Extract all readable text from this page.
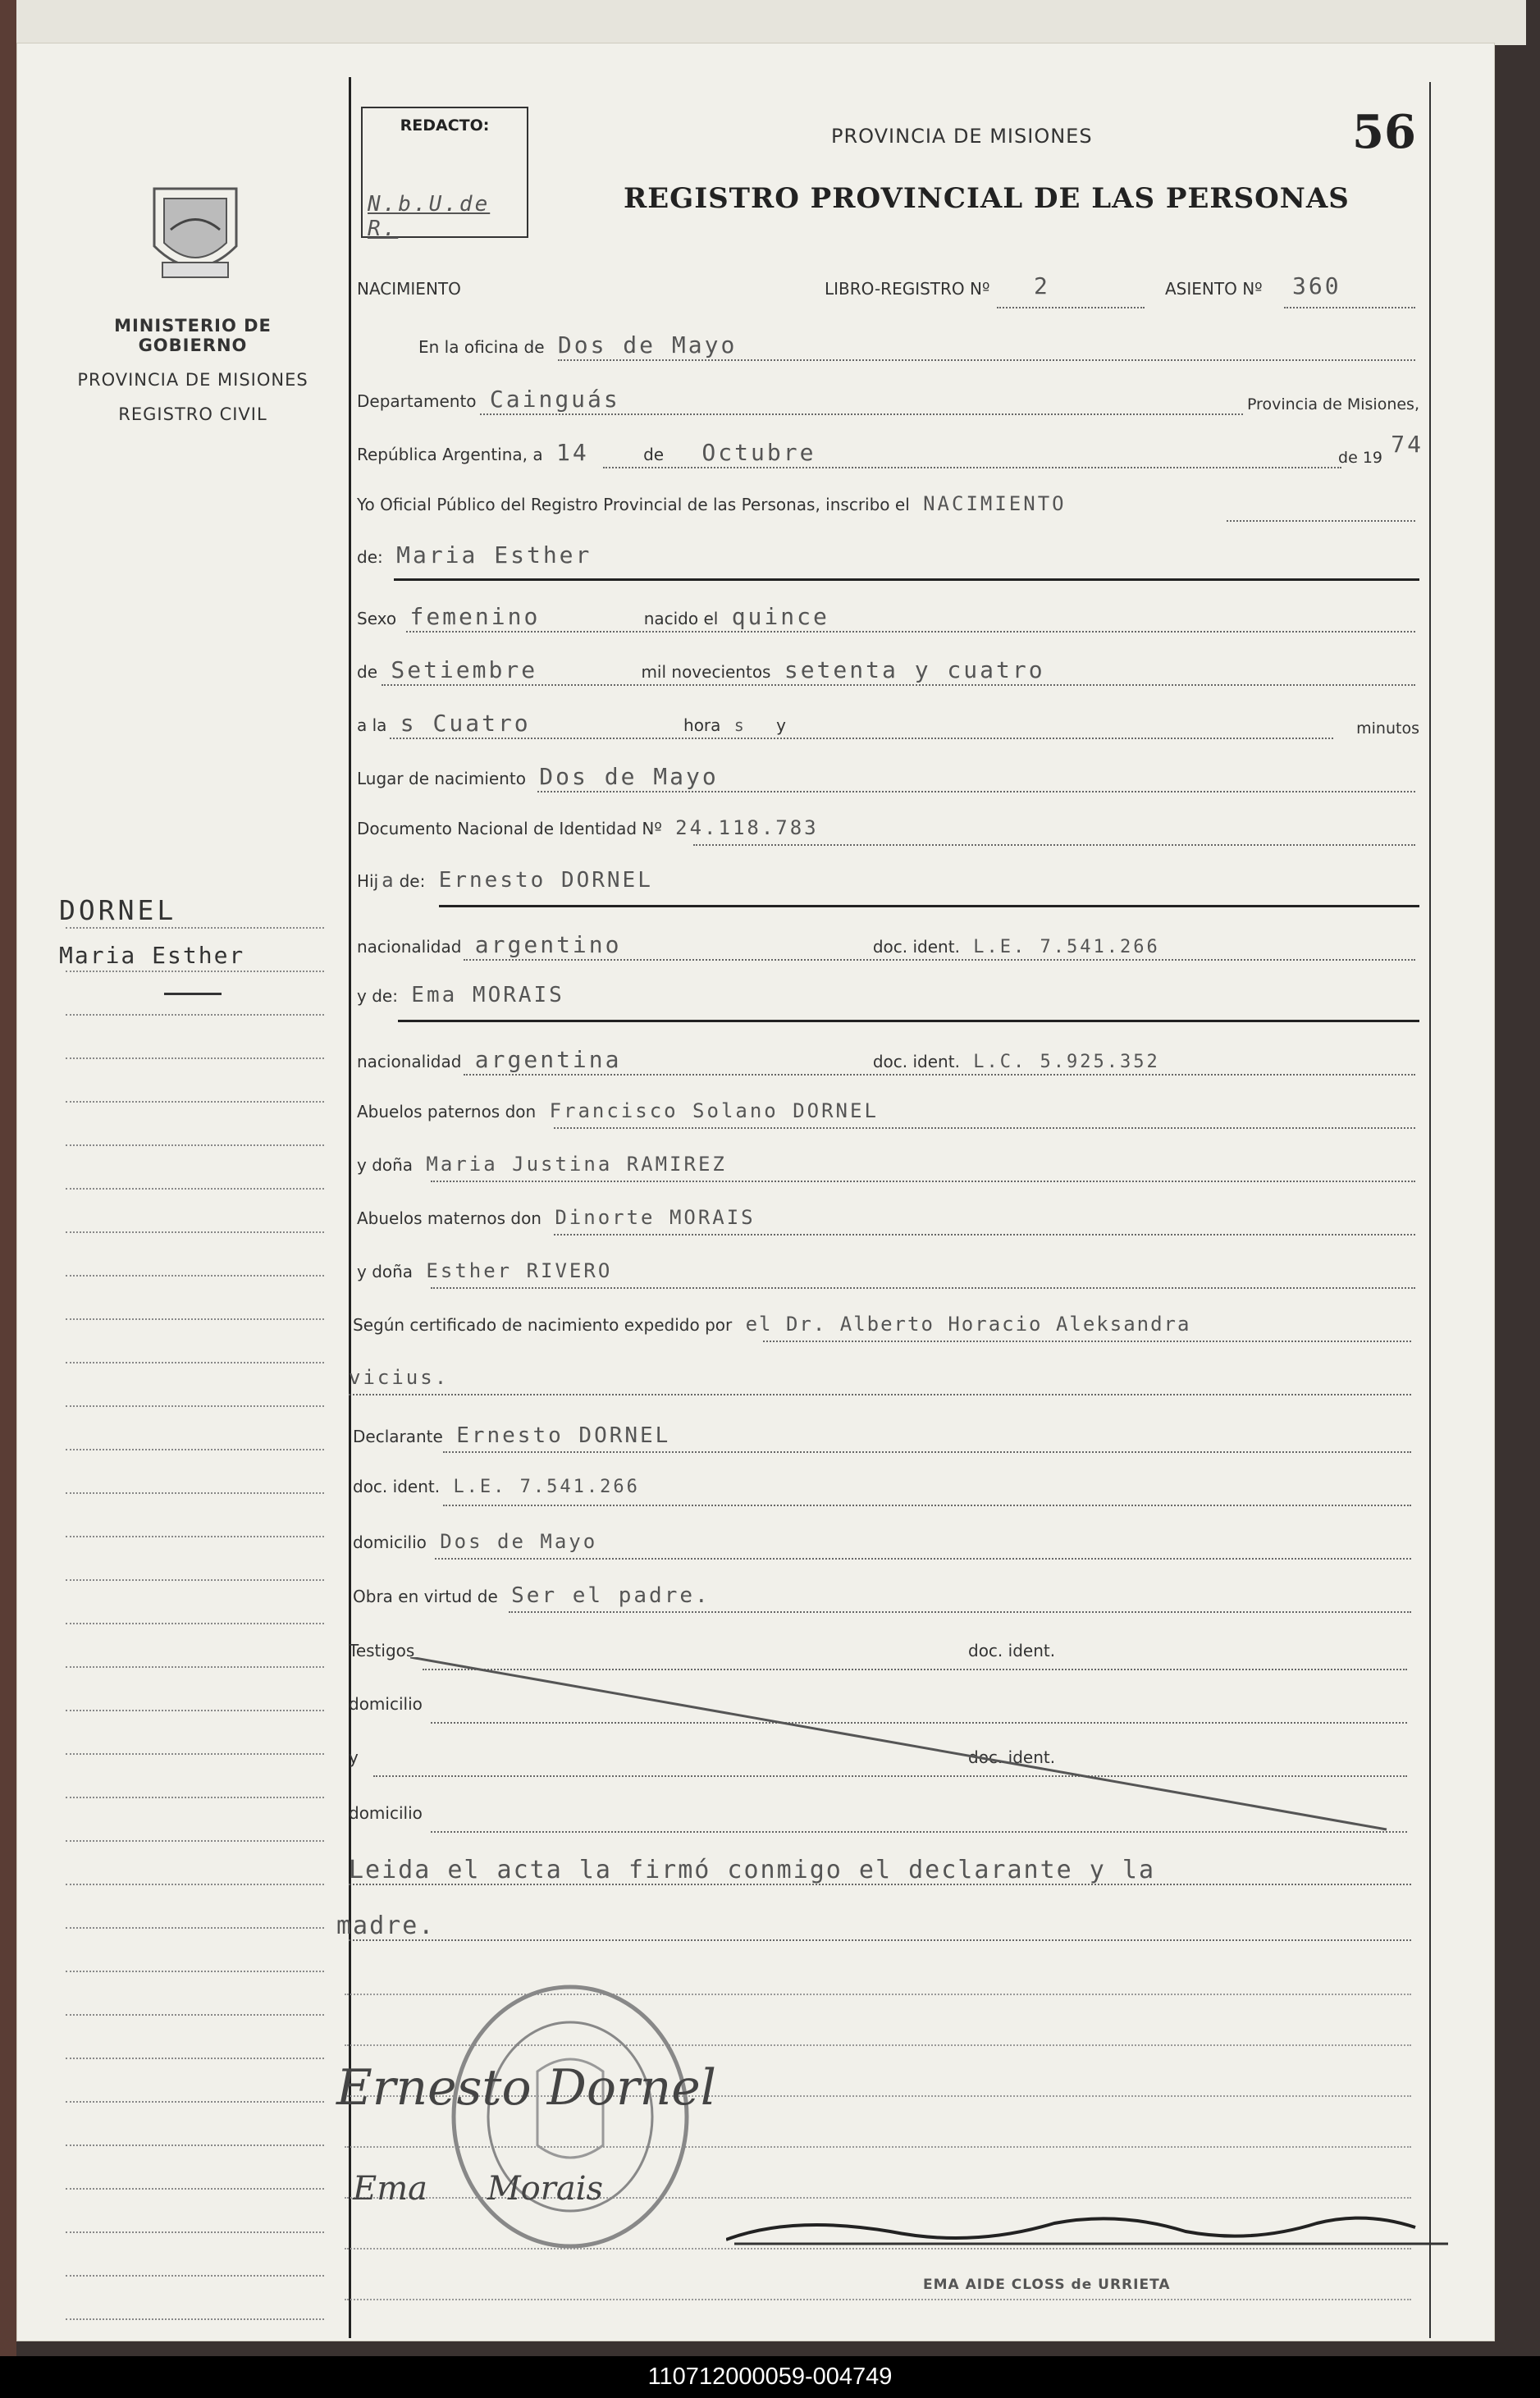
MINISTERIO DE GOBIERNO
PROVINCIA DE MISIONES
REGISTRO CIVIL
DORNEL
Maria Esther
REDACTO:
N.b.U.de R.
PROVINCIA DE MISIONES	56
REGISTRO PROVINCIAL DE LAS PERSONAS
NACIMIENTO	LIBRO-REGISTRO Nº 2	ASIENTO Nº 360
En la oficina de Dos de Mayo
Departamento Cainguás	Provincia de Misiones,
República Argentina, a 14	de Octubre	de 19 74
Yo Oficial Público del Registro Provincial de las Personas, inscribo el NACIMIENTO
de: Maria Esther
Sexo femenino	nacido el quince
de Setiembre	mil novecientos setenta y cuatro
a la s Cuatro	hora s y	minutos
Lugar de nacimiento Dos de Mayo
Documento Nacional de Identidad Nº 24.118.783
Hij a de: Ernesto DORNEL
nacionalidad argentino	doc. ident. L.E. 7.541.266
y de: Ema MORAIS
nacionalidad argentina	doc. ident. L.C. 5.925.352
Abuelos paternos don Francisco Solano DORNEL
y doña Maria Justina RAMIREZ
Abuelos maternos don Dinorte MORAIS
y doña Esther RIVERO
Según certificado de nacimiento expedido por el Dr. Alberto Horacio Aleksandra
vicius.
Declarante Ernesto DORNEL
doc. ident. L.E. 7.541.266
domicilio Dos de Mayo
Obra en virtud de Ser el padre.
Testigos	doc. ident.
domicilio
y	doc. ident.
domicilio
Leida el acta la firmó conmigo el declarante y la
madre.
Ernesto Dornel
Ema Morais
EMA AIDE CLOSS de URRIETA
110712000059-004749
